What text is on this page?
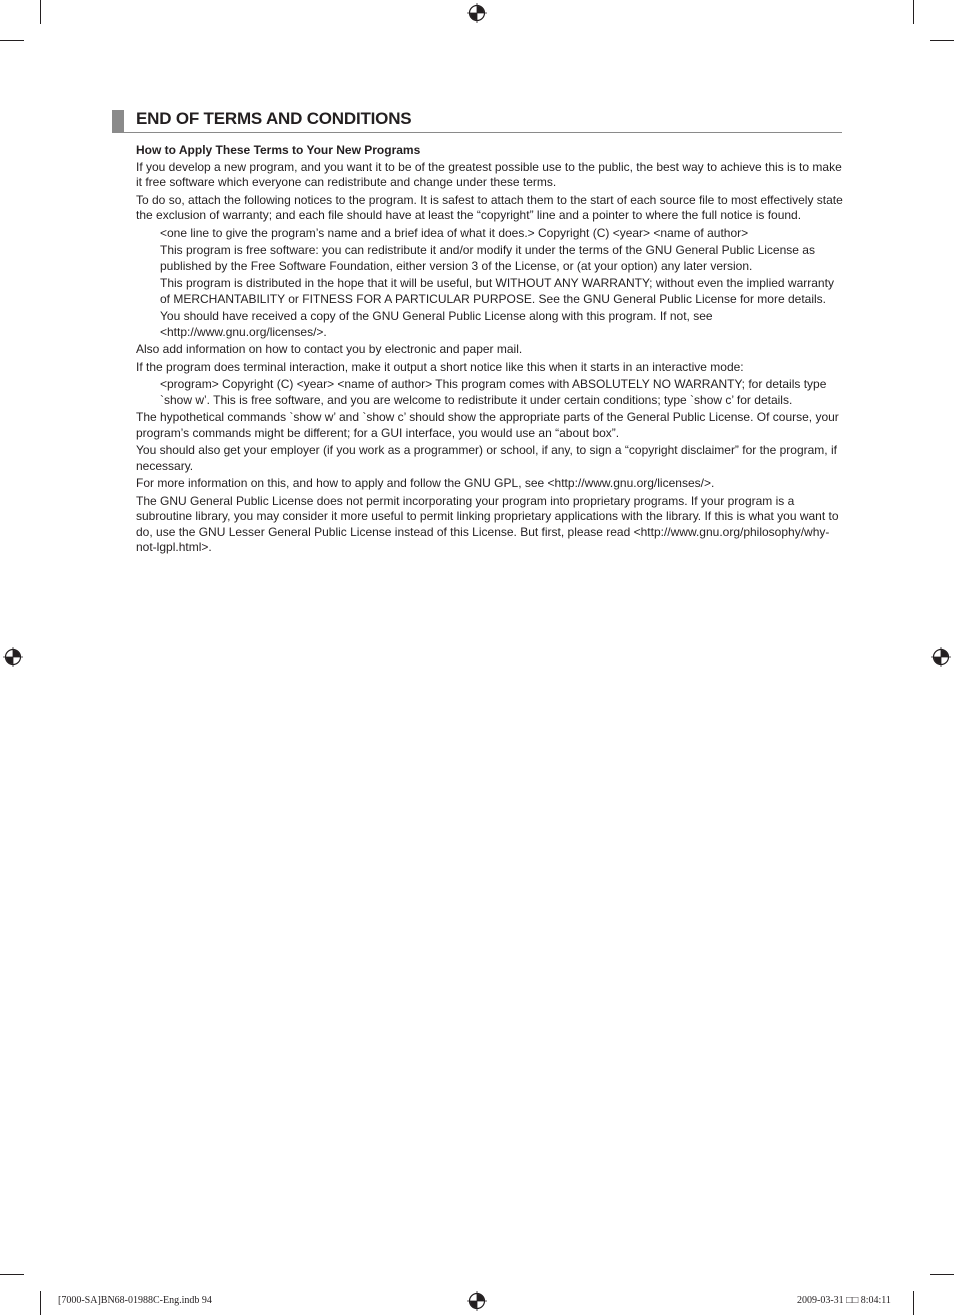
END OF TERMS AND CONDITIONS

How to Apply These Terms to Your New Programs

If you develop a new program, and you want it to be of the greatest possible use to the public, the best way to achieve this is to make it free software which everyone can redistribute and change under these terms.

To do so, attach the following notices to the program. It is safest to attach them to the start of each source file to most effectively state the exclusion of warranty; and each file should have at least the “copyright” line and a pointer to where the full notice is found.

<one line to give the program’s name and a brief idea of what it does.> Copyright (C) <year> <name of author>

This program is free software: you can redistribute it and/or modify it under the terms of the GNU General Public License as published by the Free Software Foundation, either version 3 of the License, or (at your option) any later version.

This program is distributed in the hope that it will be useful, but WITHOUT ANY WARRANTY; without even the implied warranty of MERCHANTABILITY or FITNESS FOR A PARTICULAR PURPOSE. See the GNU General Public License for more details.

You should have received a copy of the GNU General Public License along with this program. If not, see <http://www.gnu.org/licenses/>.

Also add information on how to contact you by electronic and paper mail.

If the program does terminal interaction, make it output a short notice like this when it starts in an interactive mode:

<program> Copyright (C) <year> <name of author> This program comes with ABSOLUTELY NO WARRANTY; for details type `show w’. This is free software, and you are welcome to redistribute it under certain conditions; type `show c’ for details.

The hypothetical commands `show w’ and `show c’ should show the appropriate parts of the General Public License. Of course, your program’s commands might be different; for a GUI interface, you would use an “about box”.

You should also get your employer (if you work as a programmer) or school, if any, to sign a “copyright disclaimer” for the program, if necessary.

For more information on this, and how to apply and follow the GNU GPL, see <http://www.gnu.org/licenses/>.

The GNU General Public License does not permit incorporating your program into proprietary programs. If your program is a subroutine library, you may consider it more useful to permit linking proprietary applications with the library. If this is what you want to do, use the GNU Lesser General Public License instead of this License. But first, please read <http://www.gnu.org/philosophy/why-not-lgpl.html>.

[7000-SA]BN68-01988C-Eng.indb 94	2009-03-31 □□ 8:04:11
